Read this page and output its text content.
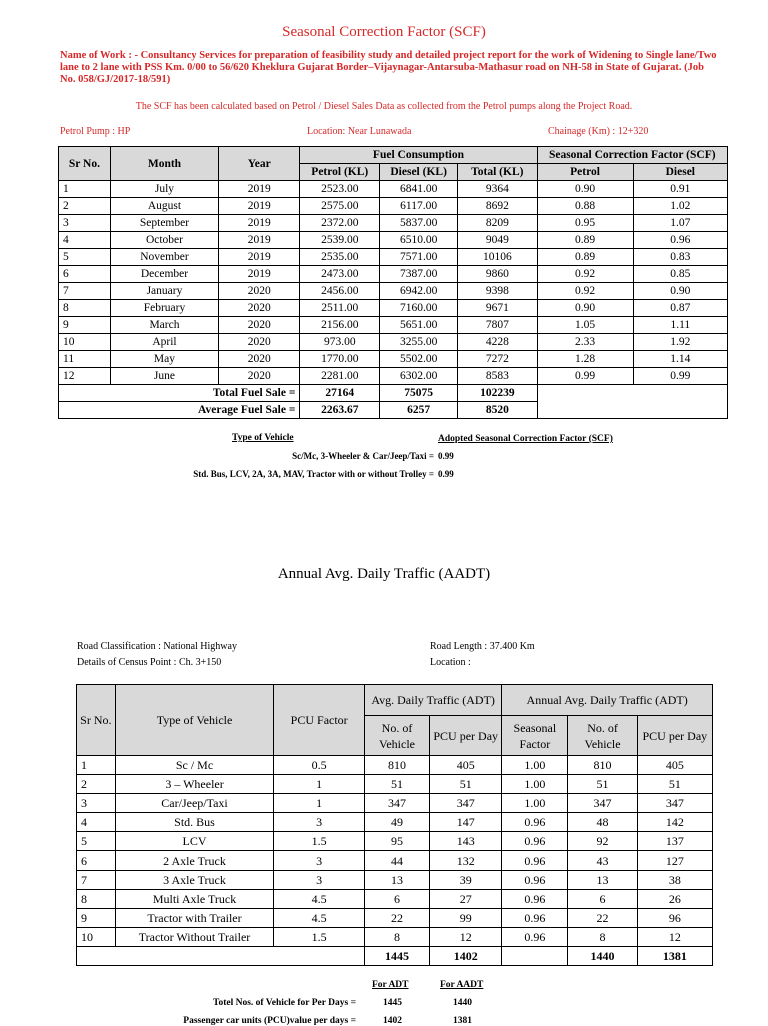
Seasonal Correction Factor (SCF)
Name of Work : - Consultancy Services for preparation of feasibility study and detailed project report for the work of Widening to Single lane/Two lane to 2 lane with PSS Km. 0/00 to 56/620 Kheklura Gujarat Border–Vijaynagar-Antarsuba-Mathasur road on NH-58 in State of Gujarat. (Job No. 058/GJ/2017-18/591)
The SCF has been calculated based on Petrol / Diesel Sales Data as collected from the Petrol pumps along the Project Road.
Petrol Pump : HP	Location: Near Lunawada	Chainage (Km) : 12+320
Sr No.	Month	Year	Fuel Consumption			Seasonal Correction Factor (SCF)	
			Petrol (KL)	Diesel (KL)	Total (KL)	Petrol	Diesel
1	July	2019	2523.00	6841.00	9364	0.90	0.91
2	August	2019	2575.00	6117.00	8692	0.88	1.02
3	September	2019	2372.00	5837.00	8209	0.95	1.07
4	October	2019	2539.00	6510.00	9049	0.89	0.96
5	November	2019	2535.00	7571.00	10106	0.89	0.83
6	December	2019	2473.00	7387.00	9860	0.92	0.85
7	January	2020	2456.00	6942.00	9398	0.92	0.90
8	February	2020	2511.00	7160.00	9671	0.90	0.87
9	March	2020	2156.00	5651.00	7807	1.05	1.11
10	April	2020	973.00	3255.00	4228	2.33	1.92
11	May	2020	1770.00	5502.00	7272	1.28	1.14
12	June	2020	2281.00	6302.00	8583	0.99	0.99
Total Fuel Sale =			27164	75075	102239		
Average Fuel Sale =			2263.67	6257	8520		
Type of Vehicle	Adopted Seasonal Correction Factor (SCF)
Sc/Mc, 3-Wheeler & Car/Jeep/Taxi = 0.99
Std. Bus, LCV, 2A, 3A, MAV, Tractor with or without Trolley = 0.99
Annual Avg. Daily Traffic (AADT)
Road Classification : National Highway
Details of Census Point : Ch. 3+150
Road Length : 37.400 Km
Location :
Sr No.	Type of Vehicle	PCU Factor	Avg. Daily Traffic (ADT)		Annual Avg. Daily Traffic (ADT)		
			No. of Vehicle	PCU per Day	Seasonal Factor	No. of Vehicle	PCU per Day
1	Sc / Mc	0.5	810	405	1.00	810	405
2	3 – Wheeler	1	51	51	1.00	51	51
3	Car/Jeep/Taxi	1	347	347	1.00	347	347
4	Std. Bus	3	49	147	0.96	48	142
5	LCV	1.5	95	143	0.96	92	137
6	2 Axle Truck	3	44	132	0.96	43	127
7	3 Axle Truck	3	13	39	0.96	13	38
8	Multi Axle Truck	4.5	6	27	0.96	6	26
9	Tractor with Trailer	4.5	22	99	0.96	22	96
10	Tractor Without Trailer	1.5	8	12	0.96	8	12
			1445	1402		1440	1381
For ADT	For AADT
Totel Nos. of Vehicle for Per Days =	1445	1440
Passenger car units (PCU)value per days =	1402	1381
